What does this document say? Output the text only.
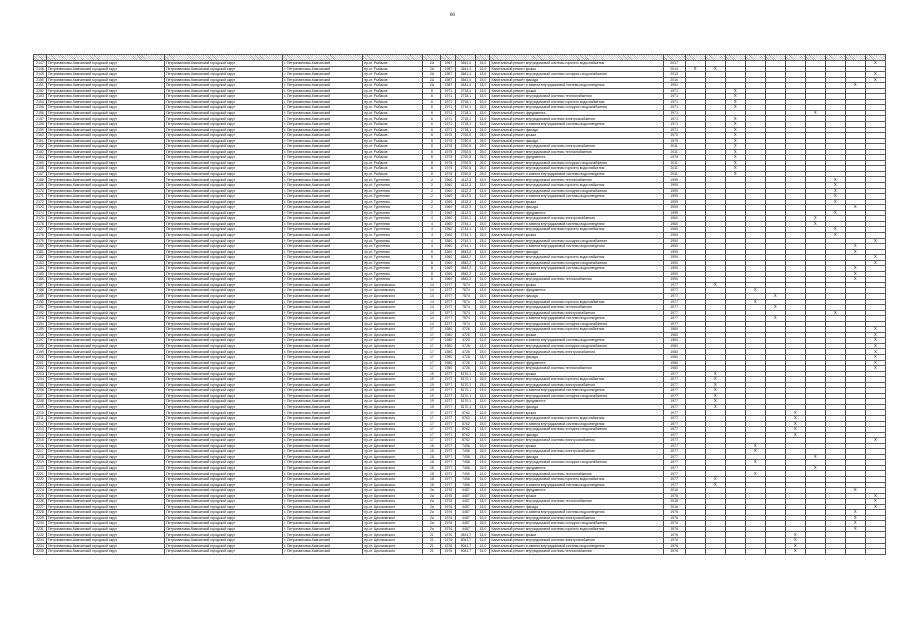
80

2147	Петропавловск-Камчатский городской округ	Петропавловск-Камчатский городской округ	г. Петропавловск-Камчатский	пр-кт. Рыбаков	2А	1987	3641,4	15,0	Капитальный ремонт внутридомовой системы горячего водоснабжения	2017										X
2148	Петропавловск-Камчатский городской округ	Петропавловск-Камчатский городской округ	г. Петропавловск-Камчатский	пр-кт. Рыбаков	2А	1987	3641,4	15,0	Капитальный ремонт крыши	2014	X	X								
2149	Петропавловск-Камчатский городской округ	Петропавловск-Камчатский городской округ	г. Петропавловск-Камчатский	пр-кт. Рыбаков	2А	1987	3641,4	15,0	Капитальный ремонт внутридомовой системы холодного водоснабжения	2013										X
2150	Петропавловск-Камчатский городской округ	Петропавловск-Камчатский городской округ	г. Петропавловск-Камчатский	пр-кт. Рыбаков	2А	1987	3641,4	15,0	Капитальный ремонт фасада	2016										X
2151	Петропавловск-Камчатский городской округ	Петропавловск-Камчатский городской округ	г. Петропавловск-Камчатский	пр-кт. Рыбаков	2А	1987	3641,4	15,0	Капитальный ремонт и замена внутридомовой системы водоотведения	1992									X	
2152	Петропавловск-Камчатский городской округ	Петропавловск-Камчатский городской округ	г. Петропавловск-Камчатский	пр-кт. Рыбаков	6	1971	2718,1	15,0	Капитальный ремонт крыши	1971			X							
2153	Петропавловск-Камчатский городской округ	Петропавловск-Камчатский городской округ	г. Петропавловск-Камчатский	пр-кт. Рыбаков	6	1971	2718,1	15,0	Капитальный ремонт внутридомовой системы теплоснабжения	1971			X							
2154	Петропавловск-Камчатский городской округ	Петропавловск-Камчатский городской округ	г. Петропавловск-Камчатский	пр-кт. Рыбаков	6	1971	2718,1	15,0	Капитальный ремонт внутридомовой системы горячего водоснабжения	1971			X							
2155	Петропавловск-Камчатский городской округ	Петропавловск-Камчатский городской округ	г. Петропавловск-Камчатский	пр-кт. Рыбаков	6	1971	2718,1	15,0	Капитальный ремонт внутридомовой системы холодного водоснабжения	1971			X							
2156	Петропавловск-Камчатский городской округ	Петропавловск-Камчатский городской округ	г. Петропавловск-Камчатский	пр-кт. Рыбаков	6	1971	2718,1	15,0	Капитальный ремонт фундамента	1971							X			
2157	Петропавловск-Камчатский городской округ	Петропавловск-Камчатский городской округ	г. Петропавловск-Камчатский	пр-кт. Рыбаков	6	1971	2718,1	15,0	Капитальный ремонт внутридомовой системы электроснабжения	1971			X							
2158	Петропавловск-Камчатский городской округ	Петропавловск-Камчатский городской округ	г. Петропавловск-Камчатский	пр-кт. Рыбаков	6	1971	2718,1	15,0	Капитальный ремонт и замена внутридомовой системы водоотведения	1971			X							
2159	Петропавловск-Камчатский городской округ	Петропавловск-Камчатский городской округ	г. Петропавловск-Камчатский	пр-кт. Рыбаков	6	1971	2718,1	15,0	Капитальный ремонт фасада	1971			X							
2160	Петропавловск-Камчатский городской округ	Петропавловск-Камчатский городской округ	г. Петропавловск-Камчатский	пр-кт. Рыбаков	8	1975	2760,5	25,0	Капитальный ремонт крыши	1975			X							
2161	Петропавловск-Камчатский городской округ	Петропавловск-Камчатский городской округ	г. Петропавловск-Камчатский	пр-кт. Рыбаков	8	1975	2760,5	25,0	Капитальный ремонт фасада	1975			X							
2162	Петропавловск-Камчатский городской округ	Петропавловск-Камчатский городской округ	г. Петропавловск-Камчатский	пр-кт. Рыбаков	8	1975	2760,5	25,0	Капитальный ремонт внутридомовой системы электроснабжения	2011			X							
2163	Петропавловск-Камчатский городской округ	Петропавловск-Камчатский городской округ	г. Петропавловск-Камчатский	пр-кт. Рыбаков	8	1975	2760,5	25,0	Капитальный ремонт внутридомовой системы теплоснабжения	2011			X							
2164	Петропавловск-Камчатский городской округ	Петропавловск-Камчатский городской округ	г. Петропавловск-Камчатский	пр-кт. Рыбаков	8	1975	2760,5	25,0	Капитальный ремонт фундамента	1975			X							
2165	Петропавловск-Камчатский городской округ	Петропавловск-Камчатский городской округ	г. Петропавловск-Камчатский	пр-кт. Рыбаков	8	1975	2760,5	25,0	Капитальный ремонт внутридомовой системы холодного водоснабжения	2011			X							
2166	Петропавловск-Камчатский городской округ	Петропавловск-Камчатский городской округ	г. Петропавловск-Камчатский	пр-кт. Рыбаков	8	1975	2760,5	25,0	Капитальный ремонт внутридомовой системы горячего водоснабжения	2011			X							
2167	Петропавловск-Камчатский городской округ	Петропавловск-Камчатский городской округ	г. Петропавловск-Камчатский	пр-кт. Рыбаков	8	1975	2760,5	25,0	Капитальный ремонт и замена внутридомовой системы водоотведения	2011			X							
2168	Петропавловск-Камчатский городской округ	Петропавловск-Камчатский городской округ	г. Петропавловск-Камчатский	пр-кт. Тургенева	2	1960	4112,3	15,0	Капитальный ремонт внутридомовой системы теплоснабжения	1999								X		
2169	Петропавловск-Камчатский городской округ	Петропавловск-Камчатский городской округ	г. Петропавловск-Камчатский	пр-кт. Тургенева	2	1960	4112,3	15,0	Капитальный ремонт внутридомовой системы горячего водоснабжения	1999								X		
2170	Петропавловск-Камчатский городской округ	Петропавловск-Камчатский городской округ	г. Петропавловск-Камчатский	пр-кт. Тургенева	2	1960	4112,3	15,0	Капитальный ремонт внутридомовой системы холодного водоснабжения	1999								X		
2171	Петропавловск-Камчатский городской округ	Петропавловск-Камчатский городской округ	г. Петропавловск-Камчатский	пр-кт. Тургенева	2	1960	4112,3	15,0	Капитальный ремонт и замена внутридомовой системы водоотведения	1999								X		
2172	Петропавловск-Камчатский городской округ	Петропавловск-Камчатский городской округ	г. Петропавловск-Камчатский	пр-кт. Тургенева	2	1960	4112,3	15,0	Капитальный ремонт крыши	1999								X		
2173	Петропавловск-Камчатский городской округ	Петропавловск-Камчатский городской округ	г. Петропавловск-Камчатский	пр-кт. Тургенева	2	1960	4112,3	15,0	Капитальный ремонт фасада	1999									X	
2174	Петропавловск-Камчатский городской округ	Петропавловск-Камчатский городской округ	г. Петропавловск-Камчатский	пр-кт. Тургенева	2	1960	4112,3	15,0	Капитальный ремонт фундамента	1999								X		
2175	Петропавловск-Камчатский городской округ	Петропавловск-Камчатский городской округ	г. Петропавловск-Камчатский	пр-кт. Тургенева	4	1960	2744,1	15,0	Капитальный ремонт внутридомовой системы электроснабжения	1960							X			
2176	Петропавловск-Камчатский городской округ	Петропавловск-Камчатский городской округ	г. Петропавловск-Камчатский	пр-кт. Тургенева	4	1960	2744,1	15,0	Капитальный ремонт и замена внутридомовой системы водоотведения	1960							X			
2177	Петропавловск-Камчатский городской округ	Петропавловск-Камчатский городской округ	г. Петропавловск-Камчатский	пр-кт. Тургенева	4	1960	2744,1	15,0	Капитальный ремонт внутридомовой системы горячего водоснабжения	1960								X		
2178	Петропавловск-Камчатский городской округ	Петропавловск-Камчатский городской округ	г. Петропавловск-Камчатский	пр-кт. Тургенева	4	1960	2744,1	15,0	Капитальный ремонт крыши	1960								X		
2179	Петропавловск-Камчатский городской округ	Петропавловск-Камчатский городской округ	г. Петропавловск-Камчатский	пр-кт. Тургенева	4	1960	2744,1	15,0	Капитальный ремонт внутридомовой системы холодного водоснабжения	1990										X
2180	Петропавловск-Камчатский городской округ	Петропавловск-Камчатский городской округ	г. Петропавловск-Камчатский	пр-кт. Тургенева	4	1960	2744,1	15,0	Капитальный ремонт и замена внутридомовой системы водоотведения	1990									X	
2181	Петропавловск-Камчатский городской округ	Петропавловск-Камчатский городской округ	г. Петропавловск-Камчатский	пр-кт. Тургенева	8	1960	4842,2	15,0	Капитальный ремонт фасада	1990									X	
2182	Петропавловск-Камчатский городской округ	Петропавловск-Камчатский городской округ	г. Петропавловск-Камчатский	пр-кт. Тургенева	8	1960	4842,2	15,0	Капитальный ремонт внутридомовой системы горячего водоснабжения	1990										X
2183	Петропавловск-Камчатский городской округ	Петропавловск-Камчатский городской округ	г. Петропавловск-Камчатский	пр-кт. Тургенева	8	1960	4842,2	15,0	Капитальный ремонт внутридомовой системы холодного водоснабжения	1990										X
2184	Петропавловск-Камчатский городской округ	Петропавловск-Камчатский городской округ	г. Петропавловск-Камчатский	пр-кт. Тургенева	8	1960	4842,2	15,0	Капитальный ремонт и замена внутридомовой системы водоотведения	1990									X	
2185	Петропавловск-Камчатский городской округ	Петропавловск-Камчатский городской округ	г. Петропавловск-Камчатский	пр-кт. Тургенева	8	1960	4842,2	15,0	Капитальный ремонт крыши	1990									X	
2186	Петропавловск-Камчатский городской округ	Петропавловск-Камчатский городской округ	г. Петропавловск-Камчатский	пр-кт. Тургенева	8	1960	4842,2	15,0	Капитальный ремонт внутридомовой системы теплоснабжения	1990									X	
2187	Петропавловск-Камчатский городской округ	Петропавловск-Камчатский городской округ	г. Петропавловск-Камчатский	пр-кт. Циолковского	14	1977	7874	15,0	Капитальный ремонт крыши	1977		X								
2188	Петропавловск-Камчатский городской округ	Петропавловск-Камчатский городской округ	г. Петропавловск-Камчатский	пр-кт. Циолковского	14	1977	7874	15,0	Капитальный ремонт фундамента	1977				X						
2189	Петропавловск-Камчатский городской округ	Петропавловск-Камчатский городской округ	г. Петропавловск-Камчатский	пр-кт. Циолковского	14	1977	7874	15,0	Капитальный ремонт фасада	1977					X					
2190	Петропавловск-Камчатский городской округ	Петропавловск-Камчатский городской округ	г. Петропавловск-Камчатский	пр-кт. Циолковского	14	1977	7874	15,0	Капитальный ремонт внутридомовой системы горячего водоснабжения	1977				X						
2191	Петропавловск-Камчатский городской округ	Петропавловск-Камчатский городской округ	г. Петропавловск-Камчатский	пр-кт. Циолковского	14	1977	7874	15,0	Капитальный ремонт внутридомовой системы теплоснабжения	1977					X					
2192	Петропавловск-Камчатский городской округ	Петропавловск-Камчатский городской округ	г. Петропавловск-Камчатский	пр-кт. Циолковского	14	1977	7874	15,0	Капитальный ремонт внутридомовой системы электроснабжения	1977								X		
2193	Петропавловск-Камчатский городской округ	Петропавловск-Камчатский городской округ	г. Петропавловск-Камчатский	пр-кт. Циолковского	14	1977	7874	15,0	Капитальный ремонт и замена внутридомовой системы водоотведения	1977					X					
2194	Петропавловск-Камчатский городской округ	Петропавловск-Камчатский городской округ	г. Петропавловск-Камчатский	пр-кт. Циолковского	14	1977	7874	15,0	Капитальный ремонт внутридомовой системы холодного водоснабжения	1977										
2195	Петропавловск-Камчатский городской округ	Петропавловск-Камчатский городской округ	г. Петропавловск-Камчатский	пр-кт. Циолковского	17	1980	4726	15,0	Капитальный ремонт внутридомовой системы горячего водоснабжения	1980										X
2196	Петропавловск-Камчатский городской округ	Петропавловск-Камчатский городской округ	г. Петропавловск-Камчатский	пр-кт. Циолковского	17	1980	4726	15,0	Капитальный ремонт крыши	1980										X
2197	Петропавловск-Камчатский городской округ	Петропавловск-Камчатский городской округ	г. Петропавловск-Камчатский	пр-кт. Циолковского	17	1980	4726	15,0	Капитальный ремонт и замена внутридомовой системы водоотведения	1980										X
2198	Петропавловск-Камчатский городской округ	Петропавловск-Камчатский городской округ	г. Петропавловск-Камчатский	пр-кт. Циолковского	17	1980	4726	15,0	Капитальный ремонт внутридомовой системы холодного водоснабжения	1980										X
2199	Петропавловск-Камчатский городской округ	Петропавловск-Камчатский городской округ	г. Петропавловск-Камчатский	пр-кт. Циолковского	17	1980	4726	15,0	Капитальный ремонт внутридомовой системы электроснабжения	1980										X
2200	Петропавловск-Камчатский городской округ	Петропавловск-Камчатский городской округ	г. Петропавловск-Камчатский	пр-кт. Циолковского	17	1980	4726	15,0	Капитальный ремонт фасада	1980										X
2201	Петропавловск-Камчатский городской округ	Петропавловск-Камчатский городской округ	г. Петропавловск-Камчатский	пр-кт. Циолковского	17	1980	4726	15,0	Капитальный ремонт фундамента	1980										X
2202	Петропавловск-Камчатский городской округ	Петропавловск-Камчатский городской округ	г. Петропавловск-Камчатский	пр-кт. Циолковского	17	1980	4726	15,0	Капитальный ремонт внутридомовой системы теплоснабжения	1980										X
2203	Петропавловск-Камчатский городской округ	Петропавловск-Камчатский городской округ	г. Петропавловск-Камчатский	пр-кт. Циолковского	19	1977	5170,1	15,0	Капитальный ремонт крыши	1977		X								
2204	Петропавловск-Камчатский городской округ	Петропавловск-Камчатский городской округ	г. Петропавловск-Камчатский	пр-кт. Циолковского	19	1977	5170,1	15,0	Капитальный ремонт внутридомовой системы горячего водоснабжения	1977		X								
2205	Петропавловск-Камчатский городской округ	Петропавловск-Камчатский городской округ	г. Петропавловск-Камчатский	пр-кт. Циолковского	19	1977	5170,1	15,0	Капитальный ремонт внутридомовой системы электроснабжения	1977		X								
2206	Петропавловск-Камчатский городской округ	Петропавловск-Камчатский городской округ	г. Петропавловск-Камчатский	пр-кт. Циолковского	19	1977	5170,1	15,0	Капитальный ремонт и замена внутридомовой системы водоотведения	1977		X								
2207	Петропавловск-Камчатский городской округ	Петропавловск-Камчатский городской округ	г. Петропавловск-Камчатский	пр-кт. Циолковского	19	1977	5170,1	15,0	Капитальный ремонт внутридомовой системы холодного водоснабжения	1977		X								
2208	Петропавловск-Камчатский городской округ	Петропавловск-Камчатский городской округ	г. Петропавловск-Камчатский	пр-кт. Циолковского	19	1977	5170,1	15,0	Капитальный ремонт фундамента	1977		X								
2209	Петропавловск-Камчатский городской округ	Петропавловск-Камчатский городской округ	г. Петропавловск-Камчатский	пр-кт. Циолковского	19	1977	5170,1	15,0	Капитальный ремонт фасада	1977		X								
2210	Петропавловск-Камчатский городской округ	Петропавловск-Камчатский городской округ	г. Петропавловск-Камчатский	пр-кт. Циолковского	17	1977	8762	15,0	Капитальный ремонт крыши	1977						X				
2211	Петропавловск-Камчатский городской округ	Петропавловск-Камчатский городской округ	г. Петропавловск-Камчатский	пр-кт. Циолковского	17	1977	8762	15,0	Капитальный ремонт внутридомовой системы горячего водоснабжения	1977						X				
2212	Петропавловск-Камчатский городской округ	Петропавловск-Камчатский городской округ	г. Петропавловск-Камчатский	пр-кт. Циолковского	17	1977	8762	15,0	Капитальный ремонт и замена внутридомовой системы водоотведения	1977						X				
2213	Петропавловск-Камчатский городской округ	Петропавловск-Камчатский городской округ	г. Петропавловск-Камчатский	пр-кт. Циолковского	17	1977	8762	15,0	Капитальный ремонт внутридомовой системы холодного водоснабжения	1977						X				
2214	Петропавловск-Камчатский городской округ	Петропавловск-Камчатский городской округ	г. Петропавловск-Камчатский	пр-кт. Циолковского	17	1977	8762	15,0	Капитальный ремонт фасада	1977						X				
2215	Петропавловск-Камчатский городской округ	Петропавловск-Камчатский городской округ	г. Петропавловск-Камчатский	пр-кт. Циолковского	17	1977	8762	15,0	Капитальный ремонт внутридомовой системы электроснабжения	1977										X
2216	Петропавловск-Камчатский городской округ	Петропавловск-Камчатский городской округ	г. Петропавловск-Камчатский	пр-кт. Циолковского	18	1977	7456	15,0	Капитальный ремонт крыши	1977				X						
2217	Петропавловск-Камчатский городской округ	Петропавловск-Камчатский городской округ	г. Петропавловск-Камчатский	пр-кт. Циолковского	18	1977	7456	15,0	Капитальный ремонт внутридомовой системы электроснабжения	1977				X						
2218	Петропавловск-Камчатский городской округ	Петропавловск-Камчатский городской округ	г. Петропавловск-Камчатский	пр-кт. Циолковского	18	1977	7456	15,0	Капитальный ремонт фасада	1977							X			
2219	Петропавловск-Камчатский городской округ	Петропавловск-Камчатский городской округ	г. Петропавловск-Камчатский	пр-кт. Циолковского	18	1977	7456	15,0	Капитальный ремонт внутридомовой системы холодного водоснабжения	1977				X						
2220	Петропавловск-Камчатский городской округ	Петропавловск-Камчатский городской округ	г. Петропавловск-Камчатский	пр-кт. Циолковского	18	1977	7456	15,0	Капитальный ремонт фундамента	1977							X			
2221	Петропавловск-Камчатский городской округ	Петропавловск-Камчатский городской округ	г. Петропавловск-Камчатский	пр-кт. Циолковского	18	1977	7456	15,0	Капитальный ремонт внутридомовой системы теплоснабжения	1977				X						
2222	Петропавловск-Камчатский городской округ	Петропавловск-Камчатский городской округ	г. Петропавловск-Камчатский	пр-кт. Циолковского	18	1977	7456	15,0	Капитальный ремонт внутридомовой системы горячего водоснабжения	1977		X								
2223	Петропавловск-Камчатский городской округ	Петропавловск-Камчатский городской округ	г. Петропавловск-Камчатский	пр-кт. Циолковского	18	1977	7456	15,0	Капитальный ремонт и замена внутридомовой системы водоотведения	1977		X								
2224	Петропавловск-Камчатский городской округ	Петропавловск-Камчатский городской округ	г. Петропавловск-Камчатский	пр-кт. Циолковского	2а	1976	4487	15,0	Капитальный ремонт фундамента	2018									X	
2225	Петропавловск-Камчатский городской округ	Петропавловск-Камчатский городской округ	г. Петропавловск-Камчатский	пр-кт. Циолковского	2а	1976	4487	15,0	Капитальный ремонт крыши	1976										X
2226	Петропавловск-Камчатский городской округ	Петропавловск-Камчатский городской округ	г. Петропавловск-Камчатский	пр-кт. Циолковского	2а	1976	4487	15,0	Капитальный ремонт внутридомовой системы теплоснабжения	2018										X
2227	Петропавловск-Камчатский городской округ	Петропавловск-Камчатский городской округ	г. Петропавловск-Камчатский	пр-кт. Циолковского	2а	1976	4487	15,0	Капитальный ремонт фасада	2016										X
2228	Петропавловск-Камчатский городской округ	Петропавловск-Камчатский городской округ	г. Петропавловск-Камчатский	пр-кт. Циолковского	2а	1976	4487	15,0	Капитальный ремонт и замена внутридомовой системы водоотведения	1976									X	
2229	Петропавловск-Камчатский городской округ	Петропавловск-Камчатский городской округ	г. Петропавловск-Камчатский	пр-кт. Циолковского	2а	1976	4487	15,0	Капитальный ремонт внутридомовой системы электроснабжения	1976									X	
2230	Петропавловск-Камчатский городской округ	Петропавловск-Камчатский городской округ	г. Петропавловск-Камчатский	пр-кт. Циолковского	2а	1976	4487	15,0	Капитальный ремонт внутридомовой системы холодного водоснабжения	1976									X	
2231	Петропавловск-Камчатский городской округ	Петропавловск-Камчатский городской округ	г. Петропавловск-Камчатский	пр-кт. Циолковского	2а	1976	4487	15,0	Капитальный ремонт внутридомовой системы горячего водоснабжения	1976									X	
2232	Петропавловск-Камчатский городской округ	Петропавловск-Камчатский городской округ	г. Петропавловск-Камчатский	пр-кт. Циолковского	21	1976	4814,7	15,0	Капитальный ремонт крыши	1976						X				
2233	Петропавловск-Камчатский городской округ	Петропавловск-Камчатский городской округ	г. Петропавловск-Камчатский	пр-кт. Циолковского	21	1976	5041,7	15,0	Капитальный ремонт внутридомовой системы электроснабжения	1976						X				
2234	Петропавловск-Камчатский городской округ	Петропавловск-Камчатский городской округ	г. Петропавловск-Камчатский	пр-кт. Циолковского	21	1976	5041,7	15,0	Капитальный ремонт и замена внутридомовой системы водоотведения	1976						X				
2235	Петропавловск-Камчатский городской округ	Петропавловск-Камчатский городской округ	г. Петропавловск-Камчатский	пр-кт. Циолковского	21	1976	5041,7	15,0	Капитальный ремонт внутридомовой системы теплоснабжения	1976						X				
